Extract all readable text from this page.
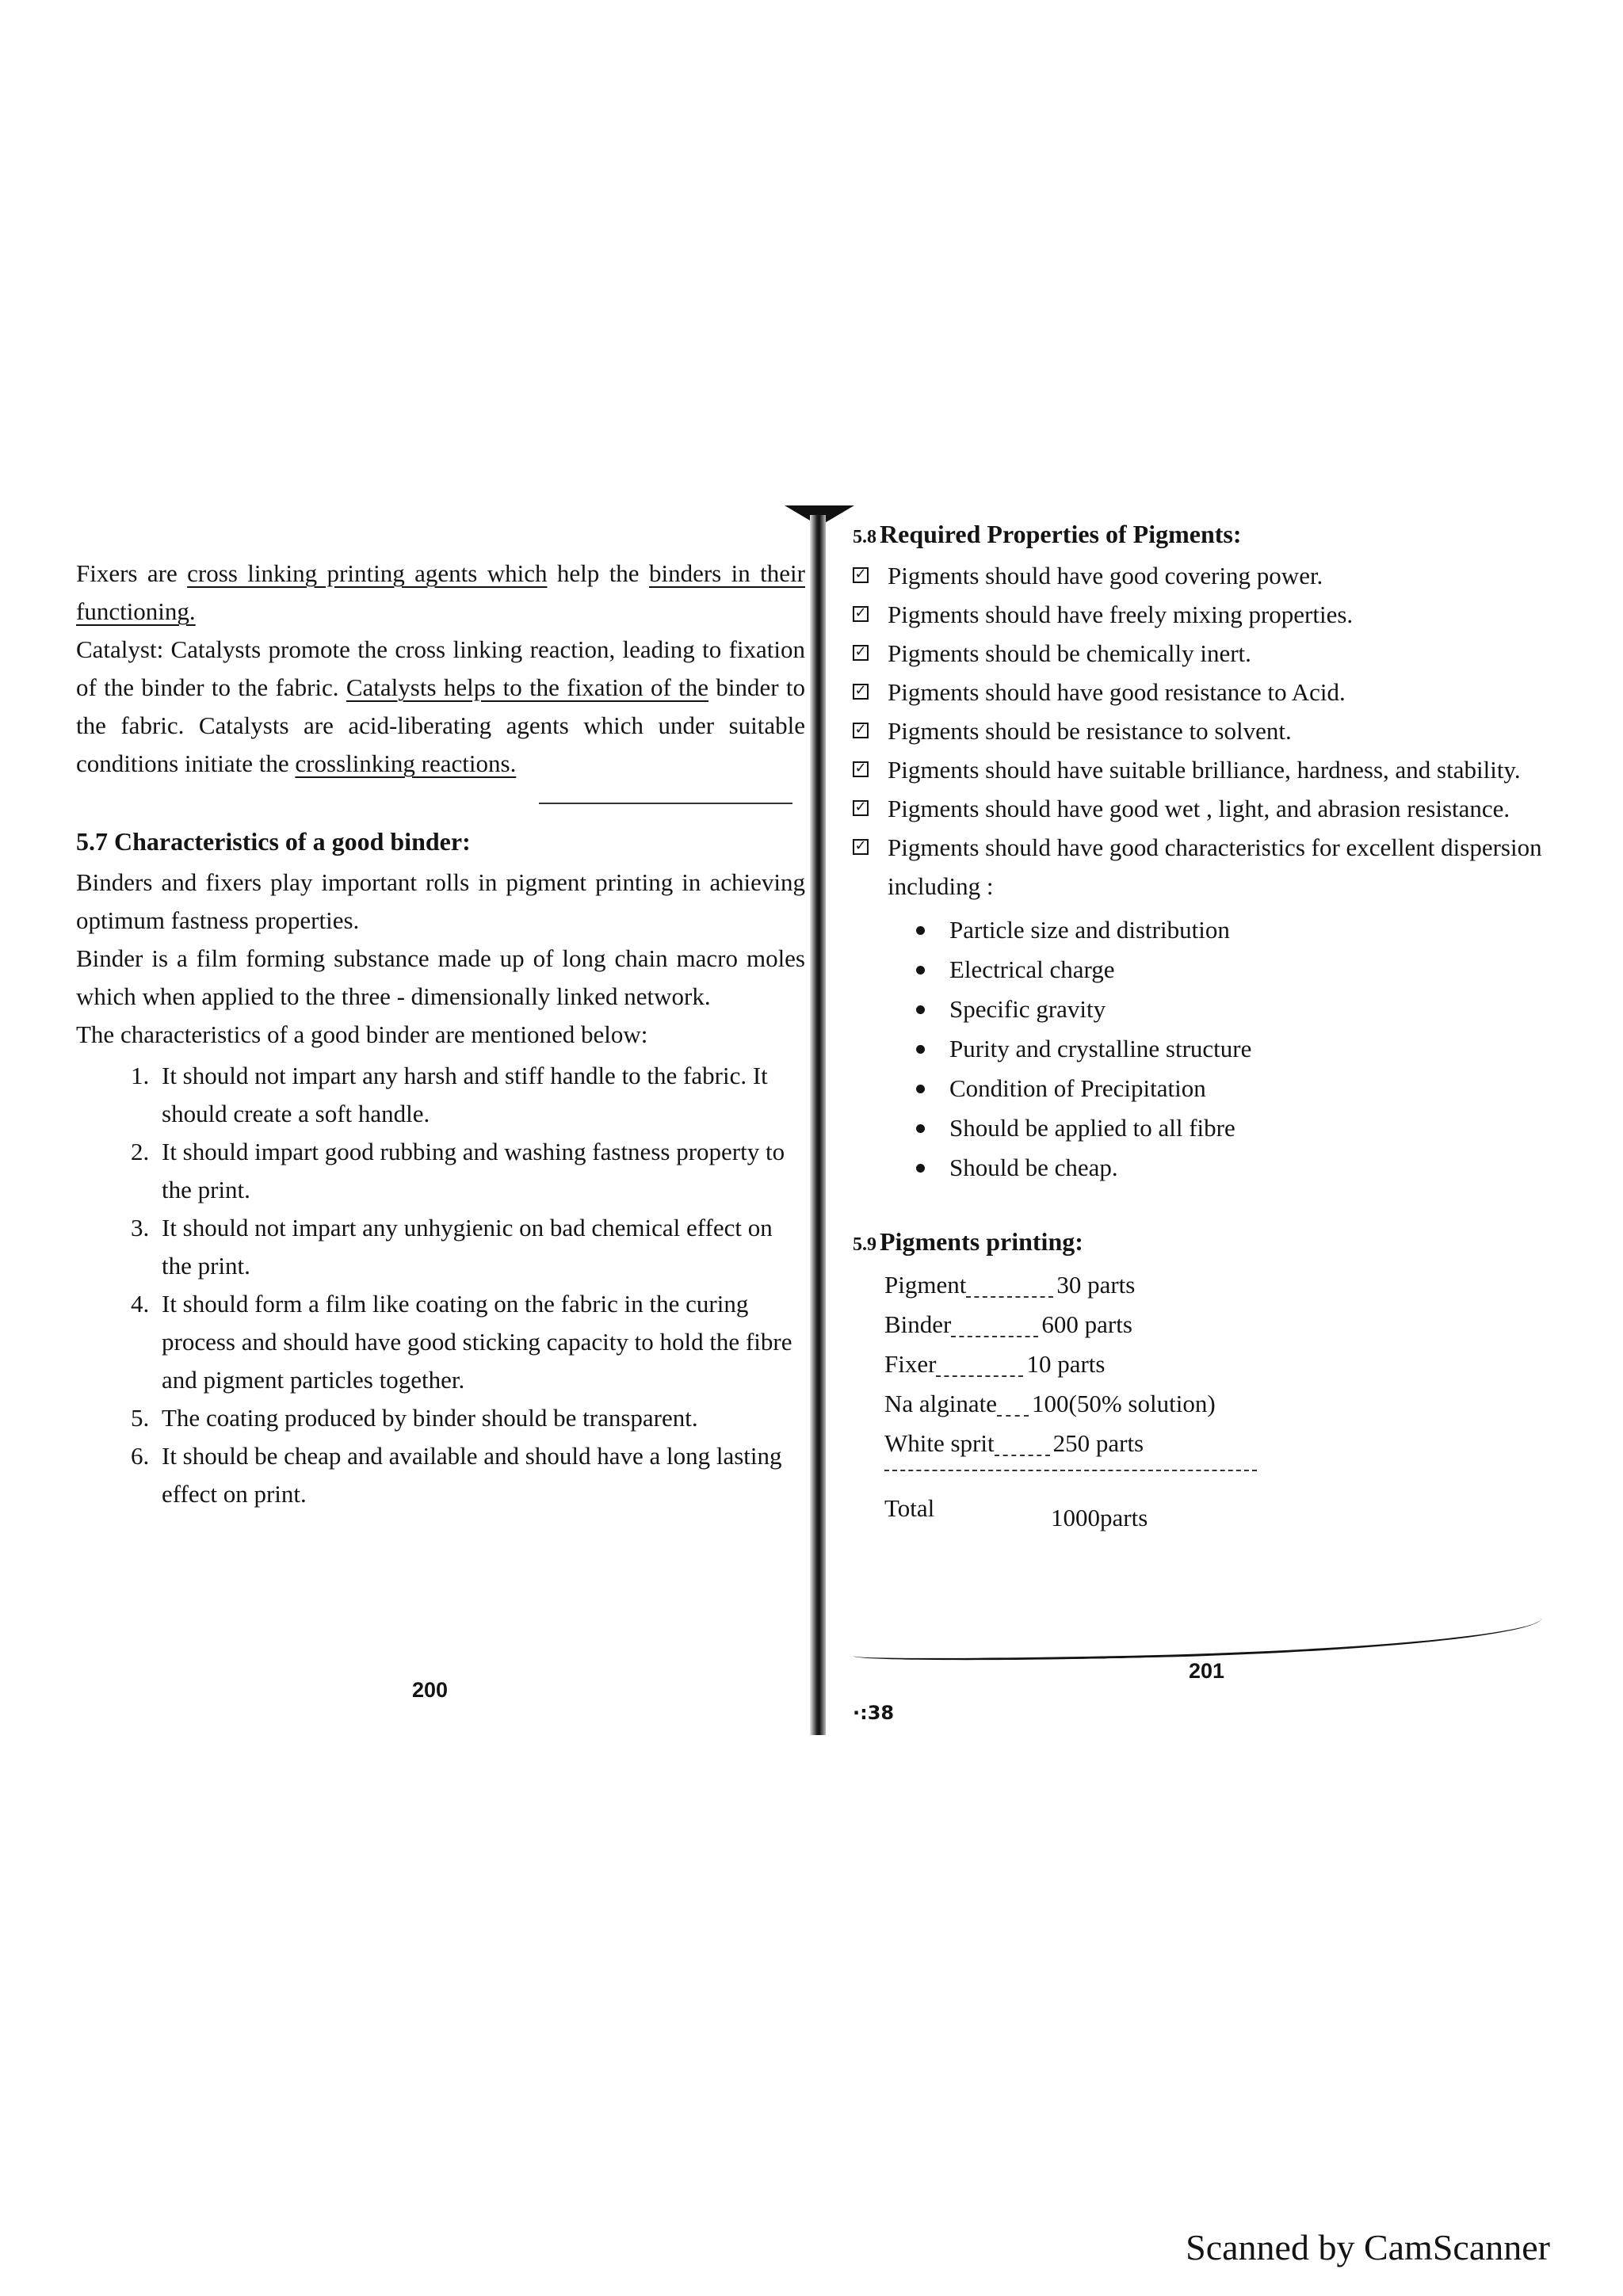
Fixers are cross linking printing agents which help the binders in their functioning.

Catalyst: Catalysts promote the cross linking reaction, leading to fixation of the binder to the fabric. Catalysts helps to the fixation of the binder to the fabric. Catalysts are acid-liberating agents which under suitable conditions initiate the crosslinking reactions.

5.7 Characteristics of a good binder:

Binders and fixers play important rolls in pigment printing in achieving optimum fastness properties.

Binder is a film forming substance made up of long chain macro moles which when applied to the three - dimensionally linked network.

The characteristics of a good binder are mentioned below:

1. It should not impart any harsh and stiff handle to the fabric. It should create a soft handle.
2. It should impart good rubbing and washing fastness property to the print.
3. It should not impart any unhygienic on bad chemical effect on the print.
4. It should form a film like coating on the fabric in the curing process and should have good sticking capacity to hold the fibre and pigment particles together.
5. The coating produced by binder should be transparent.
6. It should be cheap and available and should have a long lasting effect on print.
200
5.8 Required Properties of Pigments:
✓ Pigments should have good covering power.
✓ Pigments should have freely mixing properties.
✓ Pigments should be chemically inert.
✓ Pigments should have good resistance to Acid.
✓ Pigments should be resistance to solvent.
✓ Pigments should have suitable brilliance, hardness, and stability.
✓ Pigments should have good wet , light, and abrasion resistance.
✓ Pigments should have good characteristics for excellent dispersion including :
Particle size and distribution
Electrical charge
Specific gravity
Purity and crystalline structure
Condition of Precipitation
Should be applied to all fibre
Should be cheap.
5.9 Pigments printing:
Pigment	30 parts
Binder	600 parts
Fixer	10 parts
Na alginate 100(50% solution)
White sprit 250 parts
Total	1000parts
201
·:38
Scanned by CamScanner
